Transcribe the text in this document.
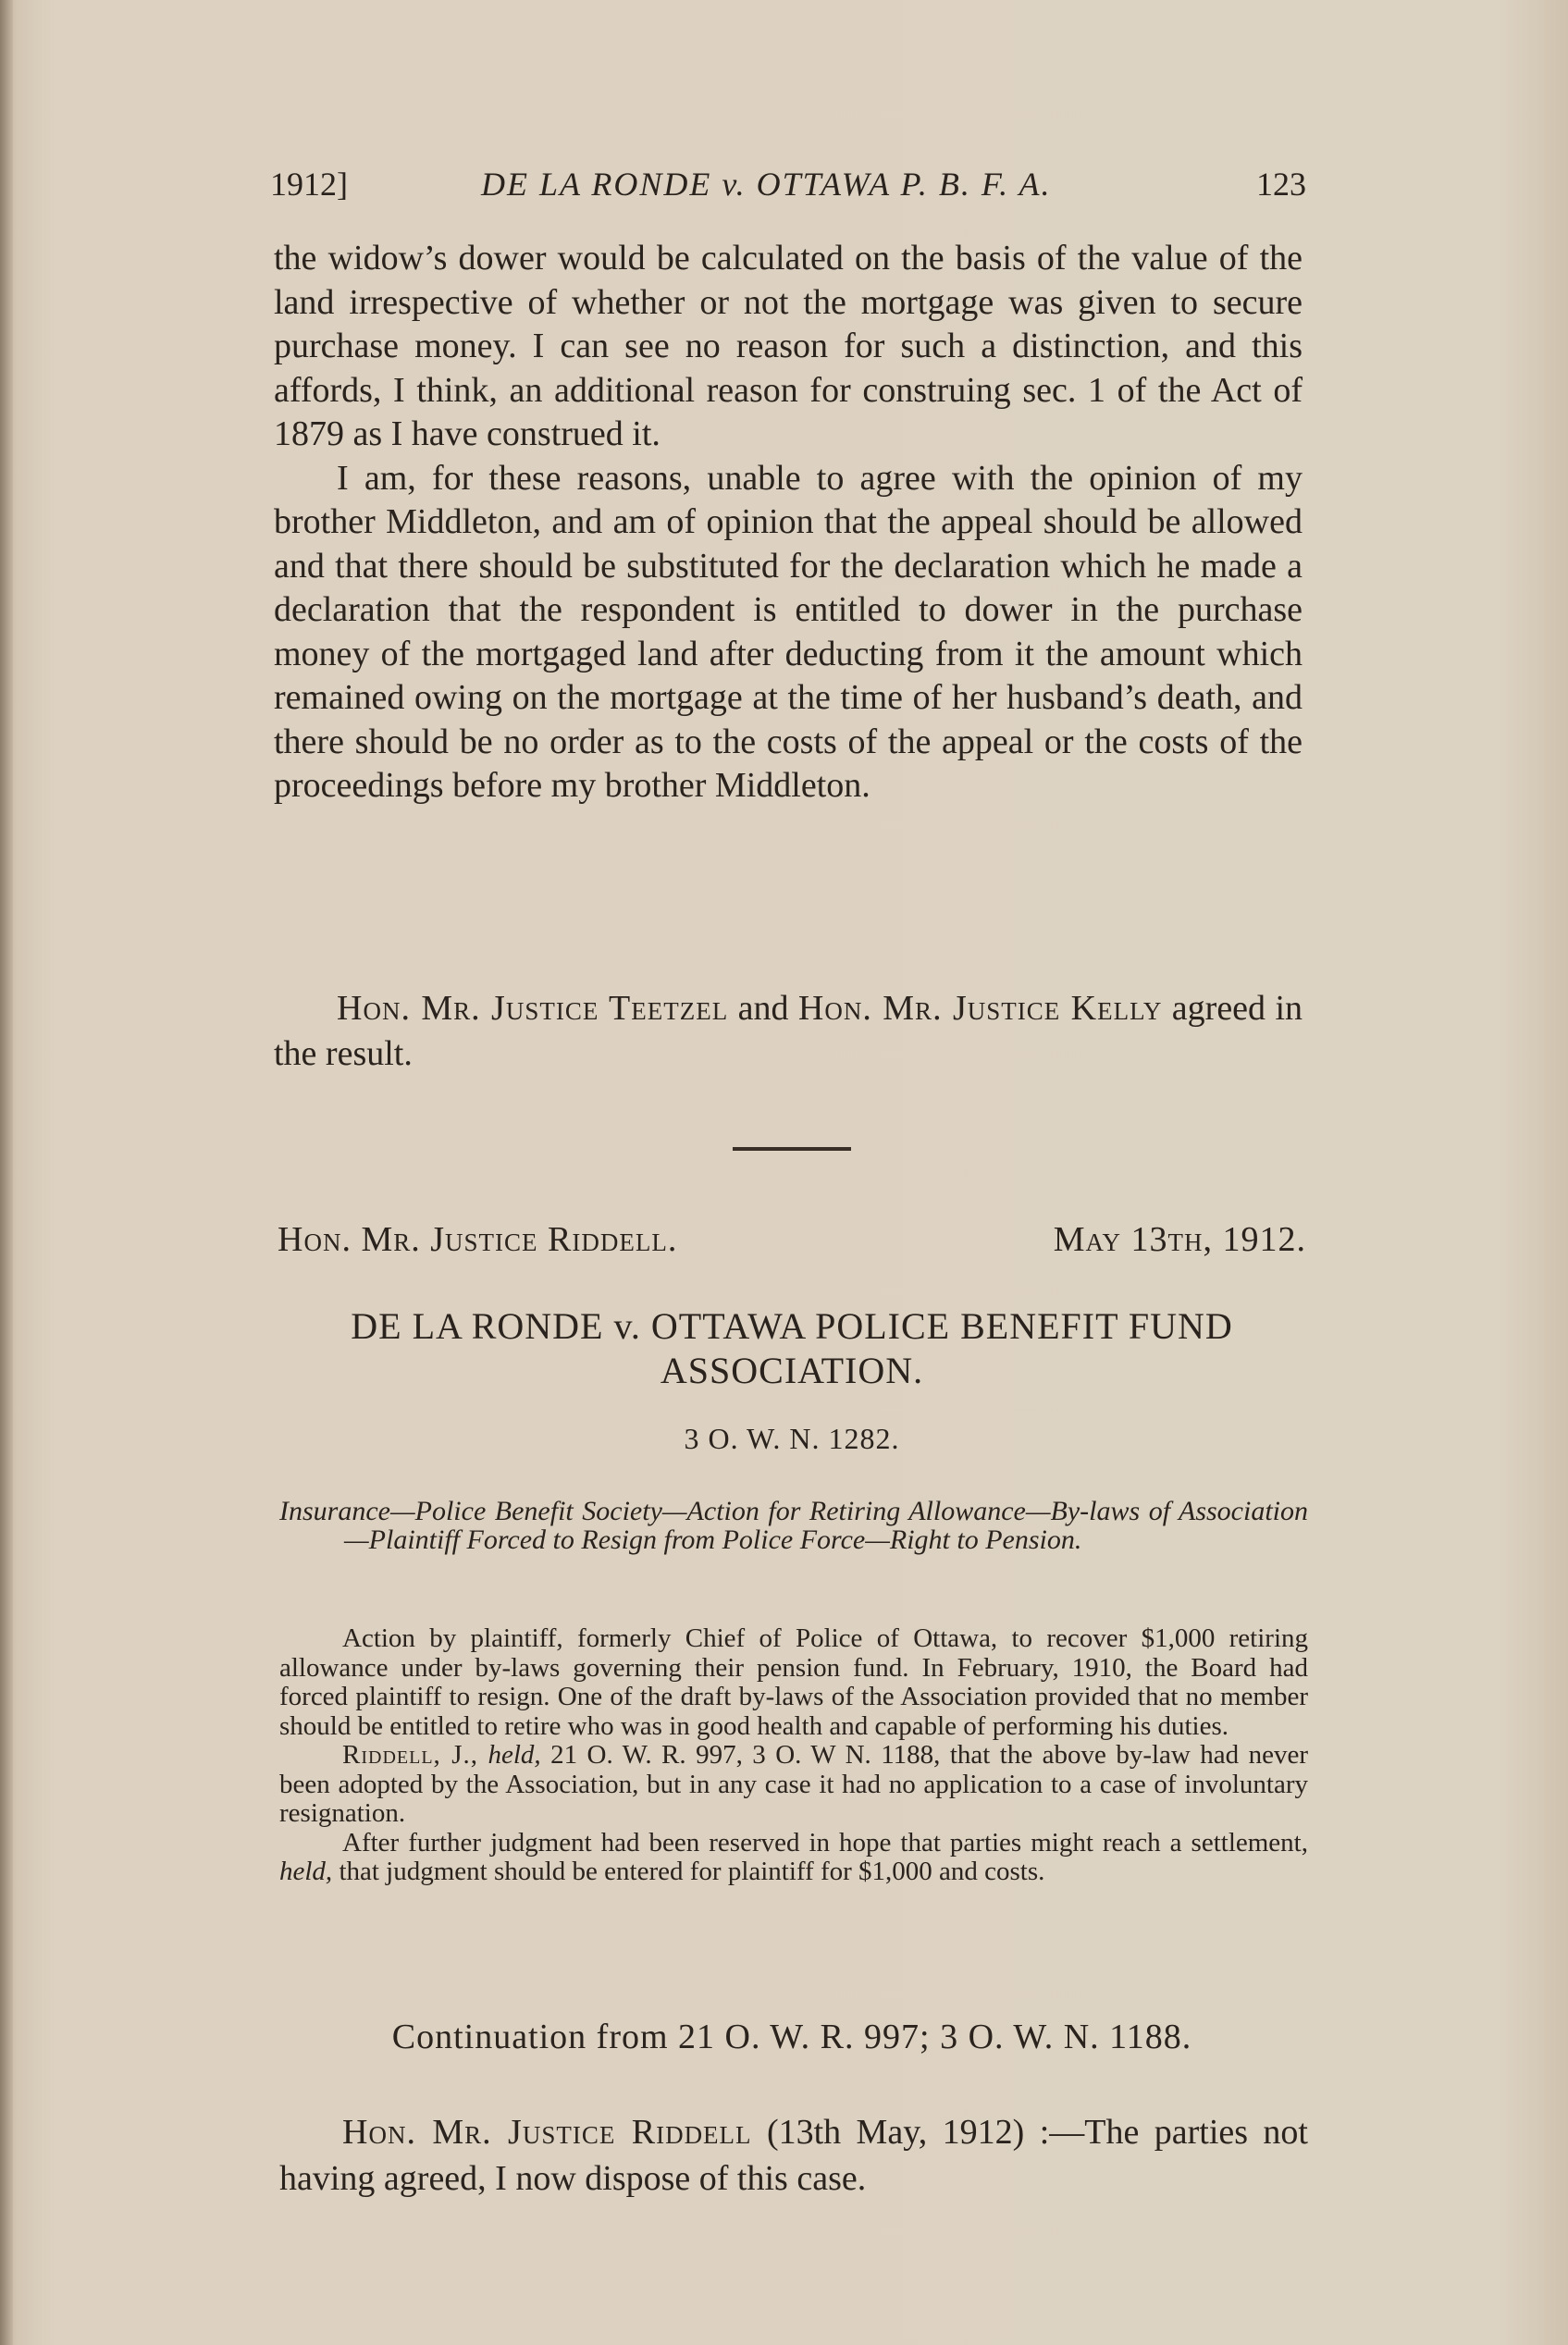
1912]	DE LA RONDE v. OTTAWA P. B. F. A.	123

the widow’s dower would be calculated on the basis of the value of the land irrespective of whether or not the mortgage was given to secure purchase money. I can see no reason for such a distinction, and this affords, I think, an additional reason for construing sec. 1 of the Act of 1879 as I have construed it.

I am, for these reasons, unable to agree with the opinion of my brother Middleton, and am of opinion that the appeal should be allowed and that there should be substituted for the declaration which he made a declaration that the respondent is entitled to dower in the purchase money of the mortgaged land after deducting from it the amount which remained owing on the mortgage at the time of her husband’s death, and there should be no order as to the costs of the appeal or the costs of the proceedings before my brother Middleton.

Hon. Mr. Justice Teetzel and Hon. Mr. Justice Kelly agreed in the result.
Hon. Mr. Justice Riddell.	May 13th, 1912.
DE LA RONDE v. OTTAWA POLICE BENEFIT FUND
ASSOCIATION.
3 O. W. N. 1282.
Insurance—Police Benefit Society—Action for Retiring Allowance—By-laws of Association—Plaintiff Forced to Resign from Police Force—Right to Pension.

Action by plaintiff, formerly Chief of Police of Ottawa, to recover $1,000 retiring allowance under by-laws governing their pension fund. In February, 1910, the Board had forced plaintiff to resign. One of the draft by-laws of the Association provided that no member should be entitled to retire who was in good health and capable of performing his duties.

Riddell, J., held, 21 O. W. R. 997, 3 O. W N. 1188, that the above by-law had never been adopted by the Association, but in any case it had no application to a case of involuntary resignation.

After further judgment had been reserved in hope that parties might reach a settlement, held, that judgment should be entered for plaintiff for $1,000 and costs.

Continuation from 21 O. W. R. 997; 3 O. W. N. 1188.
Hon. Mr. Justice Riddell (13th May, 1912) :—The parties not having agreed, I now dispose of this case.
